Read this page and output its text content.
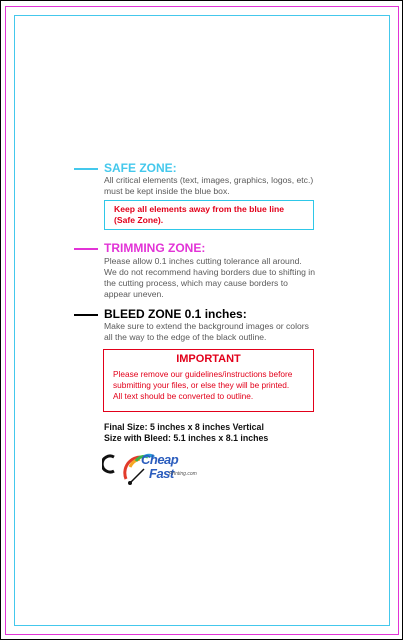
SAFE ZONE:
All critical elements (text, images, graphics, logos, etc.)
must be kept inside the blue box.
Keep all elements away from the blue line
(Safe Zone).
TRIMMING ZONE:
Please allow 0.1 inches cutting tolerance all around.
We do not recommend having borders due to shifting in
the cutting process, which may cause borders to
appear uneven.
BLEED ZONE 0.1 inches:
Make sure to extend the background images or colors
all the way to the edge of the black outline.
IMPORTANT
Please remove our guidelines/instructions before
submitting your files, or else they will be printed.
All text should be converted to outline.
Final Size: 5 inches x 8 inches Vertical
Size with Bleed: 5.1 inches x 8.1 inches
Cheap
Fast
Printing.com
